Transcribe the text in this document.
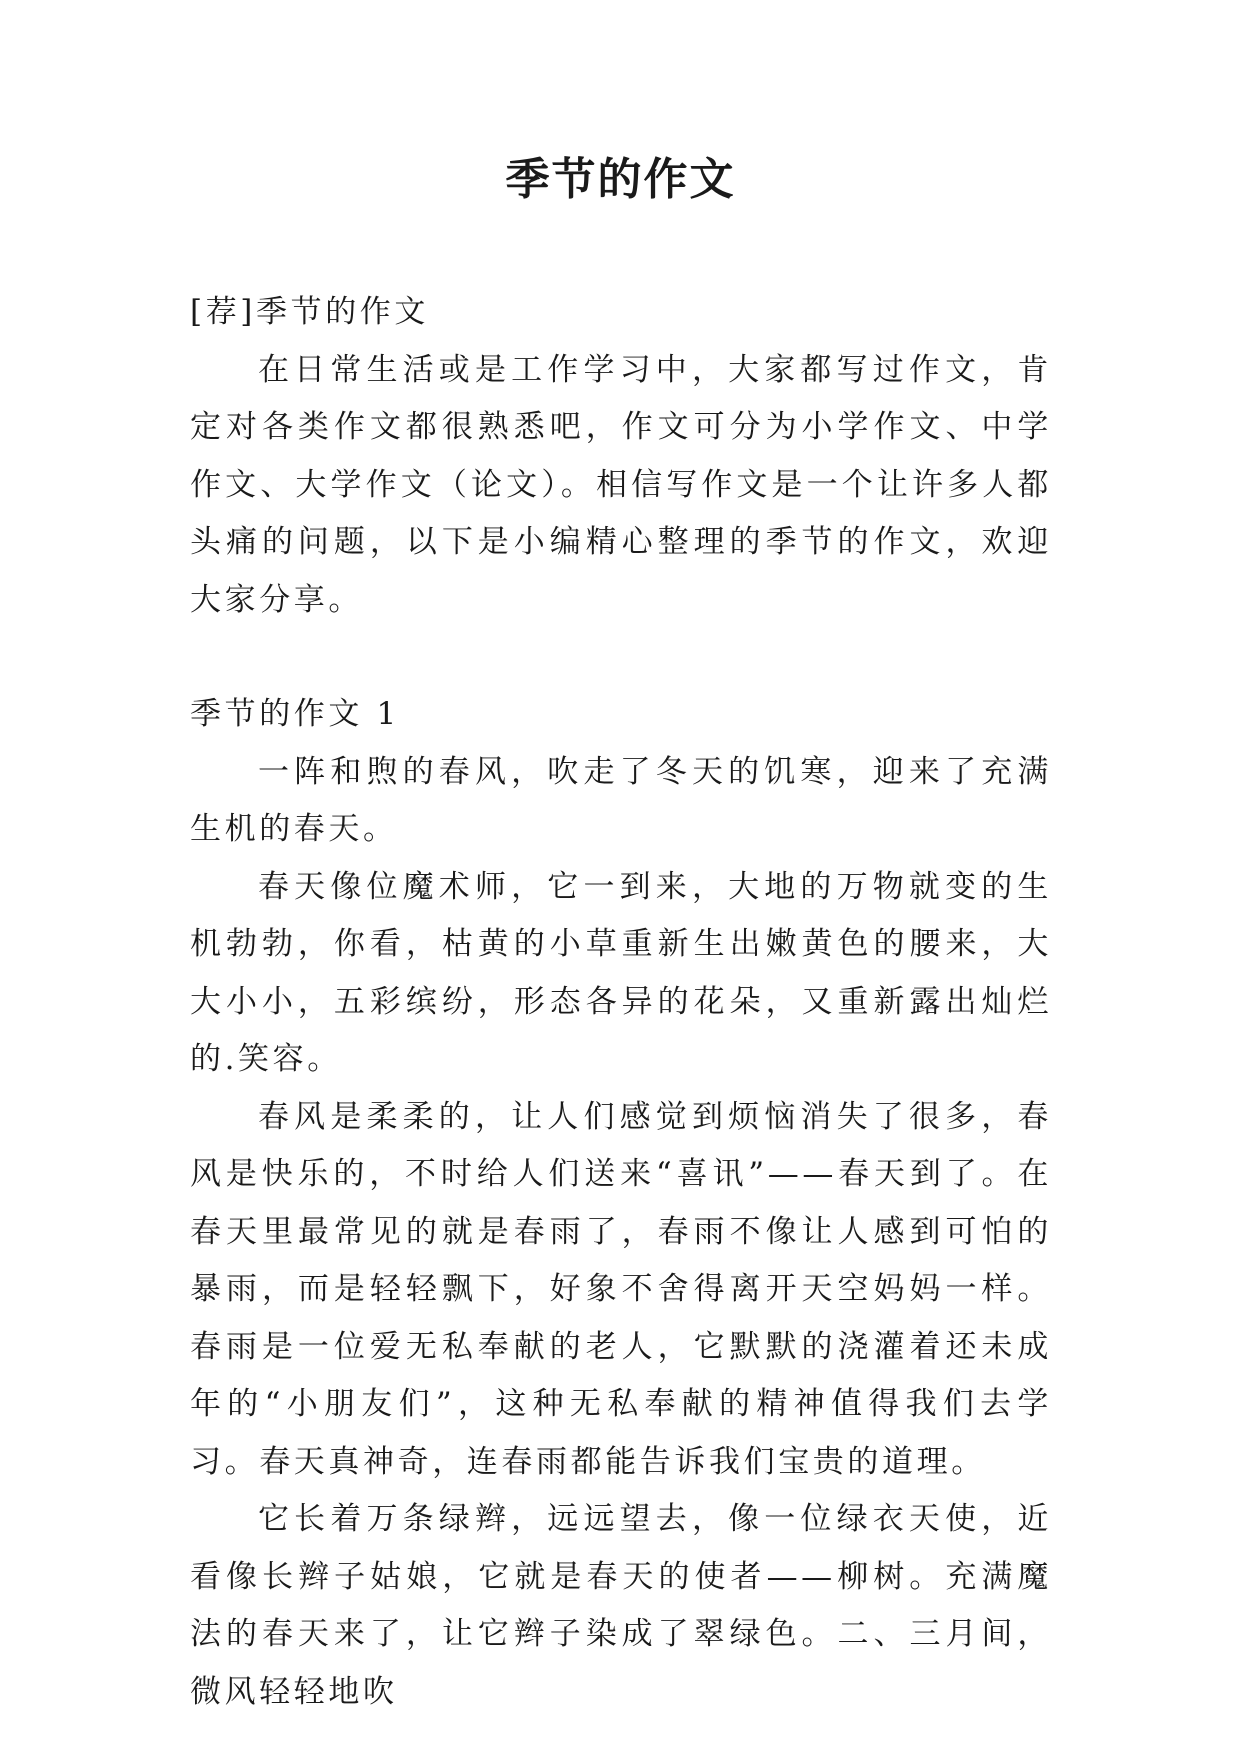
季节的作文

[荐]季节的作文

在日常生活或是工作学习中，大家都写过作文，肯定对各类作文都很熟悉吧，作文可分为小学作文、中学作文、大学作文（论文）。相信写作文是一个让许多人都头痛的问题，以下是小编精心整理的季节的作文，欢迎大家分享。

季节的作文 1

一阵和煦的春风，吹走了冬天的饥寒，迎来了充满生机的春天。

春天像位魔术师，它一到来，大地的万物就变的生机勃勃，你看，枯黄的小草重新生出嫩黄色的腰来，大大小小，五彩缤纷，形态各异的花朵，又重新露出灿烂的.笑容。

春风是柔柔的，让人们感觉到烦恼消失了很多，春风是快乐的，不时给人们送来“喜讯”——春天到了。在春天里最常见的就是春雨了，春雨不像让人感到可怕的暴雨，而是轻轻飘下，好象不舍得离开天空妈妈一样。春雨是一位爱无私奉献的老人，它默默的浇灌着还未成年的“小朋友们”，这种无私奉献的精神值得我们去学习。春天真神奇，连春雨都能告诉我们宝贵的道理。

它长着万条绿辫，远远望去，像一位绿衣天使，近看像长辫子姑娘，它就是春天的使者——柳树。充满魔法的春天来了，让它辫子染成了翠绿色。二、三月间，微风轻轻地吹
